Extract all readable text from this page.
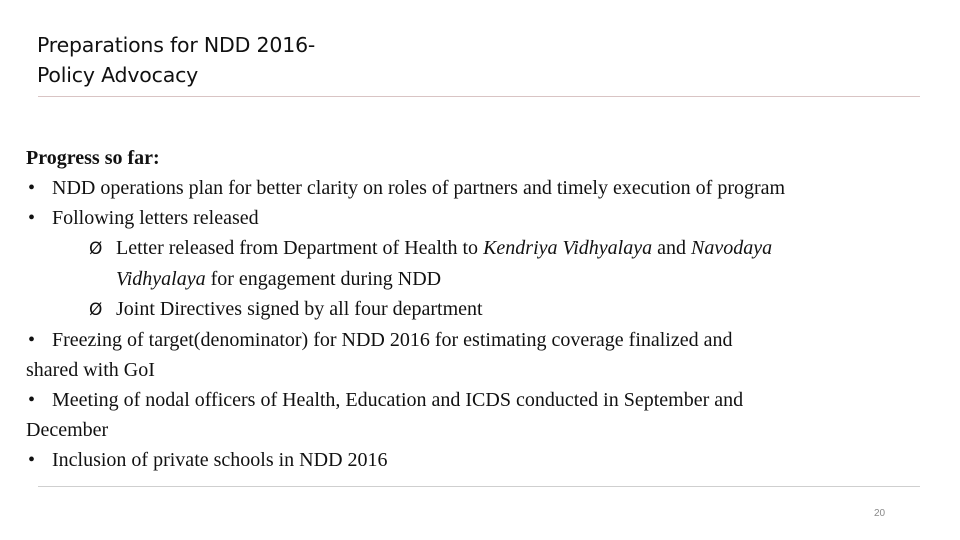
Preparations for NDD 2016-
Policy Advocacy

Progress so far:

• NDD operations plan for better clarity on roles of partners and timely execution of program

• Following letters released

Ø Letter released from Department of Health to Kendriya Vidhyalaya and Navodaya

Vidhyalaya for engagement during NDD

Ø Joint Directives signed by all four department

• Freezing of target(denominator) for NDD 2016 for estimating coverage finalized and

shared with GoI

• Meeting of nodal officers of Health, Education and ICDS conducted in September and

December

• Inclusion of private schools in NDD 2016

20
